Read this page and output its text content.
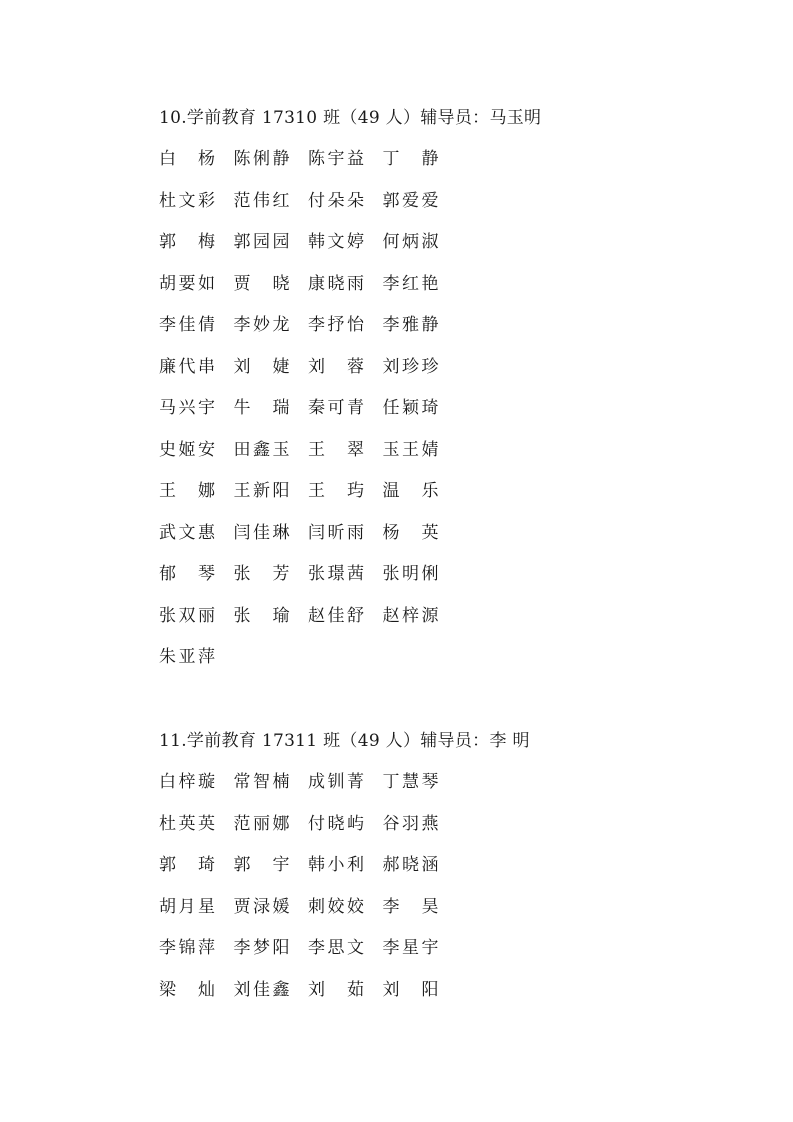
10.学前教育 17310 班（49 人）辅导员：马玉明
白 杨	陈俐静	陈宇益	丁 静
杜文彩	范伟红	付朵朵	郭爱爱
郭 梅	郭园园	韩文婷	何炳淑
胡要如	贾 晓	康晓雨	李红艳
李佳倩	李妙龙	李抒怡	李雅静
廉代串	刘 婕	刘 蓉	刘珍珍
马兴宇	牛 瑞	秦可青	任颖琦
史姬安	田鑫玉	王翠	玉王婧
王 娜	王新阳	王 玙	温 乐
武文惠	闫佳琳	闫昕雨	杨 英
郁 琴	张 芳	张璟茜	张明俐
张双丽	张 瑜	赵佳舒	赵梓源
朱亚萍
11.学前教育 17311 班（49 人）辅导员：李 明
白梓璇	常智楠	成钏菁	丁慧琴
杜英英	范丽娜	付晓屿	谷羽燕
郭 琦	郭 宇	韩小利	郝晓涵
胡月星	贾渌媛	刺姣姣	李 昊
李锦萍	李梦阳	李思文	李星宇
梁 灿	刘佳鑫	刘 茹	刘 阳
